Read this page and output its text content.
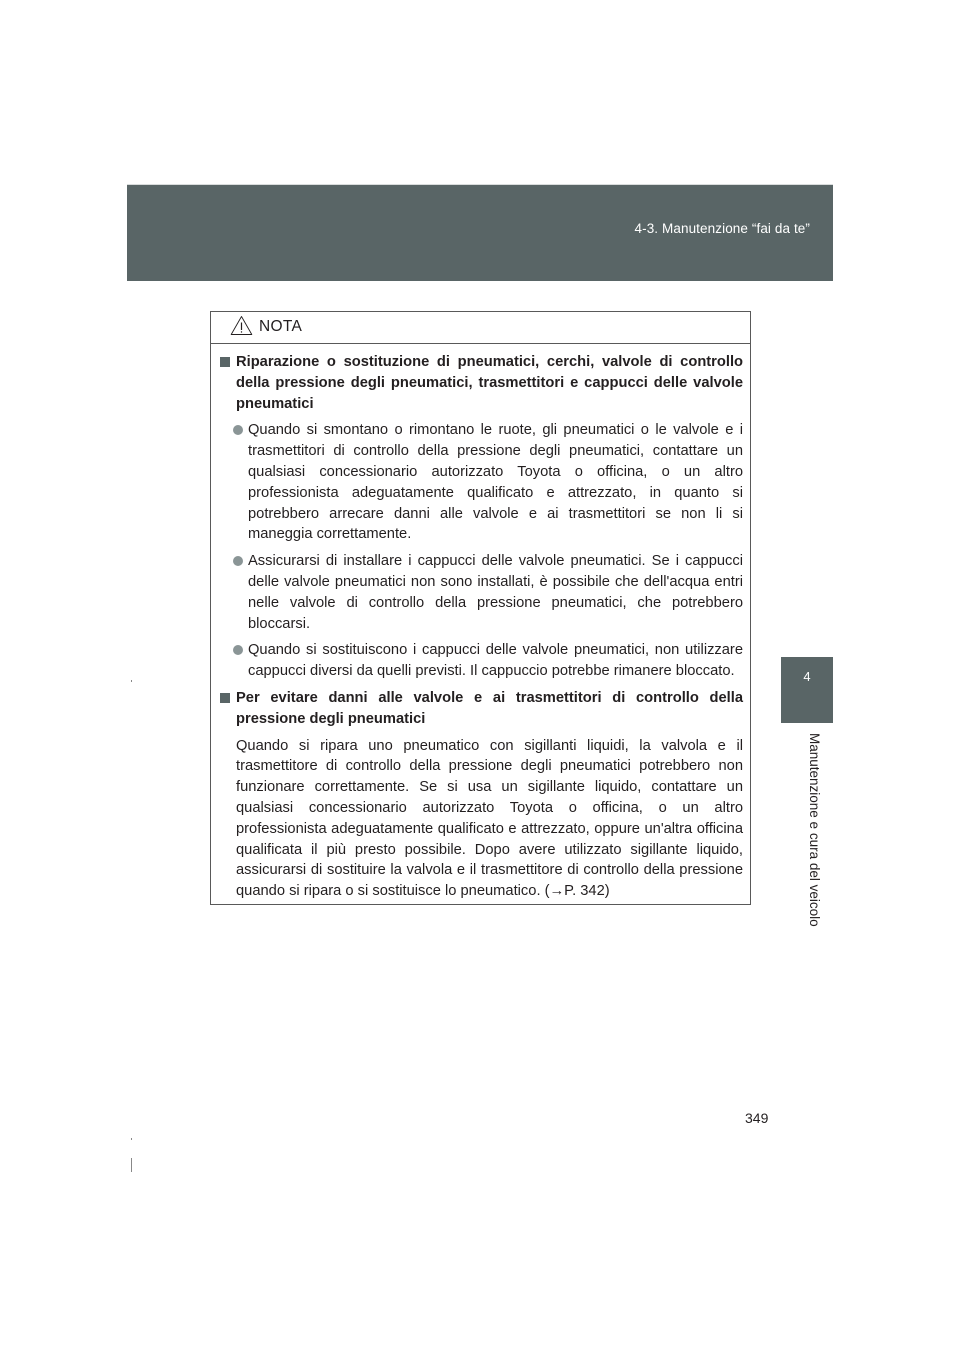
4-3. Manutenzione “fai da te”
4
Manutenzione e cura del veicolo
NOTA
Riparazione o sostituzione di pneumatici, cerchi, valvole di controllo della pressione degli pneumatici, trasmettitori e cappucci delle valvole pneumatici
Quando si smontano o rimontano le ruote, gli pneumatici o le valvole e i trasmettitori di controllo della pressione degli pneumatici, contattare un qualsiasi concessionario autorizzato Toyota o officina, o un altro professionista adeguatamente qualificato e attrezzato, in quanto si potrebbero arrecare danni alle valvole e ai trasmettitori se non li si maneggia correttamente.
Assicurarsi di installare i cappucci delle valvole pneumatici. Se i cappucci delle valvole pneumatici non sono installati, è possibile che dell'acqua entri nelle valvole di controllo della pressione pneumatici, che potrebbero bloccarsi.
Quando si sostituiscono i cappucci delle valvole pneumatici, non utilizzare cappucci diversi da quelli previsti. Il cappuccio potrebbe rimanere bloccato.
Per evitare danni alle valvole e ai trasmettitori di controllo della pressione degli pneumatici
Quando si ripara uno pneumatico con sigillanti liquidi, la valvola e il trasmettitore di controllo della pressione degli pneumatici potrebbero non funzionare correttamente. Se si usa un sigillante liquido, contattare un qualsiasi concessionario autorizzato Toyota o officina, o un altro professionista adeguatamente qualificato e attrezzato, oppure un'altra officina qualificata il più presto possibile. Dopo avere utilizzato sigillante liquido, assicurarsi di sostituire la valvola e il trasmettitore di controllo della pressione quando si ripara o si sostituisce lo pneumatico. (→P. 342)
349
